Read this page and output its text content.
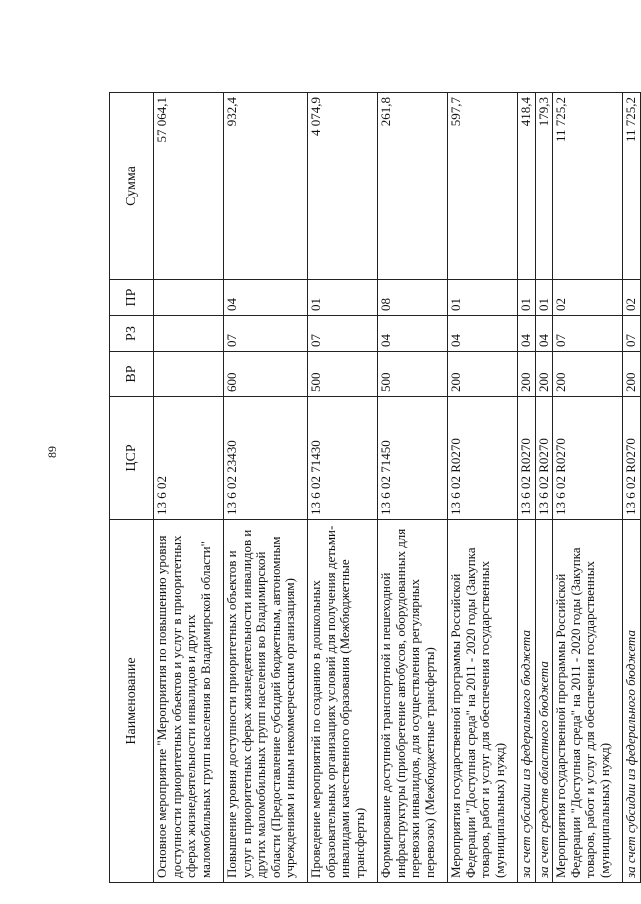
89
Наименование	ЦСР	ВР	РЗ	ПР	Сумма
Основное мероприятие "Мероприятия по повышению уровня доступности приоритетных объектов и услуг в приоритетных сферах жизнедеятельности инвалидов и других маломобильных групп населения во Владимирской области"	13 6 02				57 064,1
Повышение уровня доступности приоритетных объектов и услуг в приоритетных сферах жизнедеятельности инвалидов и других маломобильных групп населения во Владимирской области (Предоставление субсидий бюджетным, автономным учреждениям и иным некоммерческим организациям)	13 6 02 23430	600	07	04	932,4
Проведение мероприятий по созданию в дошкольных образовательных организациях условий для получения детьми-инвалидами качественного образования (Межбюджетные трансферты)	13 6 02 71430	500	07	01	4 074,9
Формирование доступной транспортной и пешеходной инфраструктуры (приобретение автобусов, оборудованных для перевозки инвалидов, для осуществления регулярных перевозок) (Межбюджетные трансферты)	13 6 02 71450	500	04	08	261,8
Мероприятия государственной программы Российской Федерации "Доступная среда" на 2011 - 2020 годы (Закупка товаров, работ и услуг для обеспечения государственных (муниципальных) нужд)	13 6 02 R0270	200	04	01	597,7
за счет субсидии из федерального бюджета	13 6 02 R0270	200	04	01	418,4
за счет средств областного бюджета	13 6 02 R0270	200	04	01	179,3
Мероприятия государственной программы Российской Федерации "Доступная среда" на 2011 - 2020 годы (Закупка товаров, работ и услуг для обеспечения государственных (муниципальных) нужд)	13 6 02 R0270	200	07	02	11 725,2
за счет субсидии из федерального бюджета	13 6 02 R0270	200	07	02	11 725,2
